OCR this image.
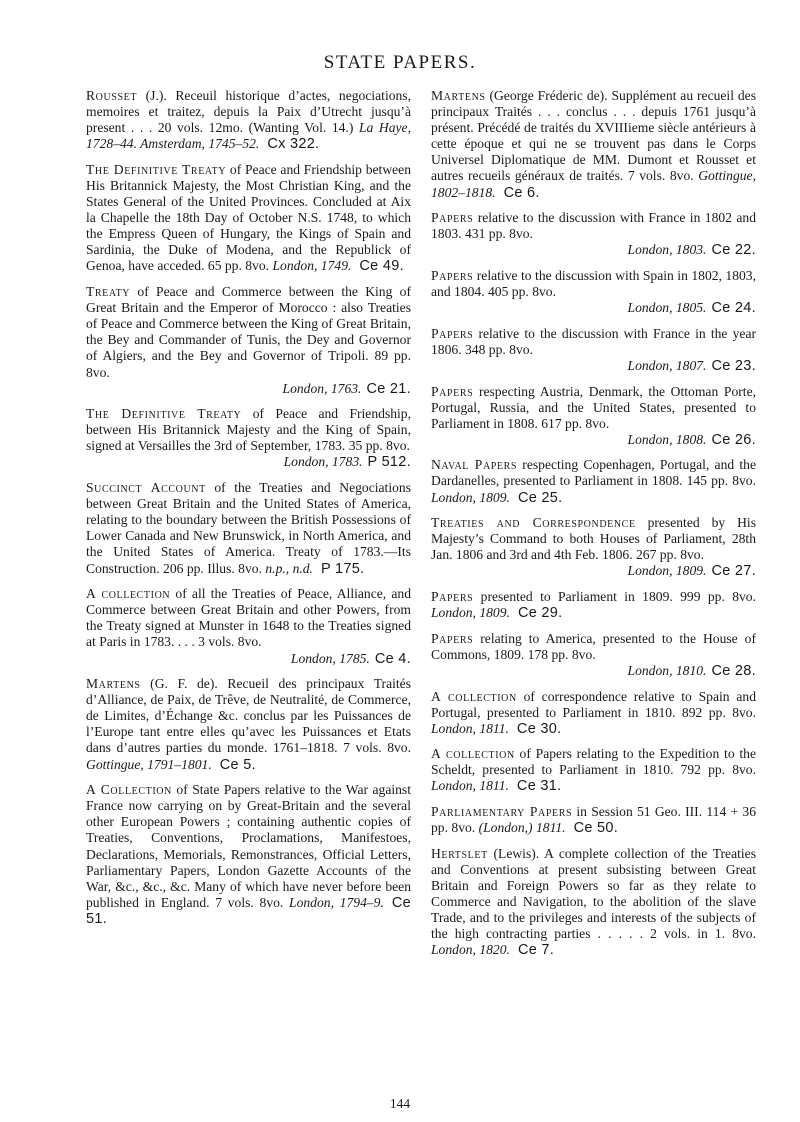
STATE PAPERS.

Rousset (J.). Receuil historique d’actes, negociations, memoires et traitez, depuis la Paix d’Utrecht jusqu’à present . . . 20 vols. 12mo. (Wanting Vol. 14.) La Haye, 1728–44. Amsterdam, 1745–52. Cx 322.

The Definitive Treaty of Peace and Friendship between His Britannick Majesty, the Most Christian King, and the States General of the United Provinces. Concluded at Aix la Chapelle the 18th Day of October N.S. 1748, to which the Empress Queen of Hungary, the Kings of Spain and Sardinia, the Duke of Modena, and the Republick of Genoa, have acceded. 65 pp. 8vo. London, 1749. Ce 49.

Treaty of Peace and Commerce between the King of Great Britain and the Emperor of Morocco : also Treaties of Peace and Commerce between the King of Great Britain, the Bey and Commander of Tunis, the Dey and Governor of Algiers, and the Bey and Governor of Tripoli. 89 pp. 8vo.
London, 1763. Ce 21.

The Definitive Treaty of Peace and Friendship, between His Britannick Majesty and the King of Spain, signed at Versailles the 3rd of September, 1783. 35 pp. 8vo.
London, 1783. P 512.

Succinct Account of the Treaties and Negociations between Great Britain and the United States of America, relating to the boundary between the British Possessions of Lower Canada and New Brunswick, in North America, and the United States of America. Treaty of 1783.—Its Construction. 206 pp. Illus. 8vo. n.p., n.d. P 175.

A collection of all the Treaties of Peace, Alliance, and Commerce between Great Britain and other Powers, from the Treaty signed at Munster in 1648 to the Treaties signed at Paris in 1783. . . . 3 vols. 8vo.
London, 1785. Ce 4.

Martens (G. F. de). Recueil des principaux Traités d’Alliance, de Paix, de Trêve, de Neutralité, de Commerce, de Limites, d’Échange &c. conclus par les Puissances de l’Europe tant entre elles qu’avec les Puissances et Etats dans d’autres parties du monde. 1761–1818. 7 vols. 8vo. Gottingue, 1791–1801. Ce 5.

A Collection of State Papers relative to the War against France now carrying on by Great-Britain and the several other European Powers ; containing authentic copies of Treaties, Conventions, Proclamations, Manifestoes, Declarations, Memorials, Remonstrances, Official Letters, Parliamentary Papers, London Gazette Accounts of the War, &c., &c., &c. Many of which have never before been published in England. 7 vols. 8vo. London, 1794–9. Ce 51.

Martens (George Fréderic de). Supplément au recueil des principaux Traités . . . conclus . . . depuis 1761 jusqu’à présent. Précédé de traités du XVIIIieme siècle antérieurs à cette époque et qui ne se trouvent pas dans le Corps Universel Diplomatique de MM. Dumont et Rousset et autres recueils généraux de traités. 7 vols. 8vo. Gottingue, 1802–1818. Ce 6.

Papers relative to the discussion with France in 1802 and 1803. 431 pp. 8vo.
London, 1803. Ce 22.

Papers relative to the discussion with Spain in 1802, 1803, and 1804. 405 pp. 8vo.
London, 1805. Ce 24.

Papers relative to the discussion with France in the year 1806. 348 pp. 8vo.
London, 1807. Ce 23.

Papers respecting Austria, Denmark, the Ottoman Porte, Portugal, Russia, and the United States, presented to Parliament in 1808. 617 pp. 8vo.
London, 1808. Ce 26.

Naval Papers respecting Copenhagen, Portugal, and the Dardanelles, presented to Parliament in 1808. 145 pp. 8vo. London, 1809. Ce 25.

Treaties and Correspondence presented by His Majesty’s Command to both Houses of Parliament, 28th Jan. 1806 and 3rd and 4th Feb. 1806. 267 pp. 8vo.
London, 1809. Ce 27.

Papers presented to Parliament in 1809. 999 pp. 8vo. London, 1809. Ce 29.

Papers relating to America, presented to the House of Commons, 1809. 178 pp. 8vo.
London, 1810. Ce 28.

A collection of correspondence relative to Spain and Portugal, presented to Parliament in 1810. 892 pp. 8vo. London, 1811. Ce 30.

A collection of Papers relating to the Expedition to the Scheldt, presented to Parliament in 1810. 792 pp. 8vo. London, 1811. Ce 31.

Parliamentary Papers in Session 51 Geo. III. 114 + 36 pp. 8vo. (London,) 1811. Ce 50.

Hertslet (Lewis). A complete collection of the Treaties and Conventions at present subsisting between Great Britain and Foreign Powers so far as they relate to Commerce and Navigation, to the abolition of the slave Trade, and to the privileges and interests of the subjects of the high contracting parties . . . . . 2 vols. in 1. 8vo. London, 1820. Ce 7.

144
